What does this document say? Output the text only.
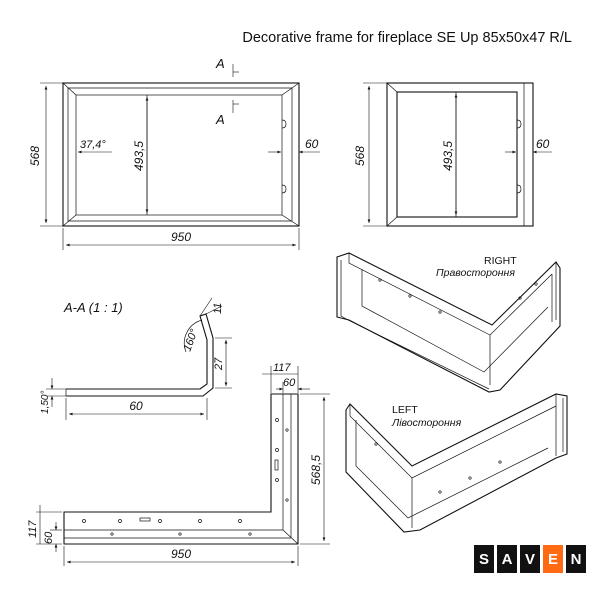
Decorative frame for fireplace SE Up 85x50x47 R/L
A
A
568	493,5
37,4°	60
950
568	493,5	60
RIGHT
Правостороння
LEFT
Лівостороння
A-A (1 : 1)
160°
11
27
1,50°	60
117
60
568,5
117 60
950	S A V E N
